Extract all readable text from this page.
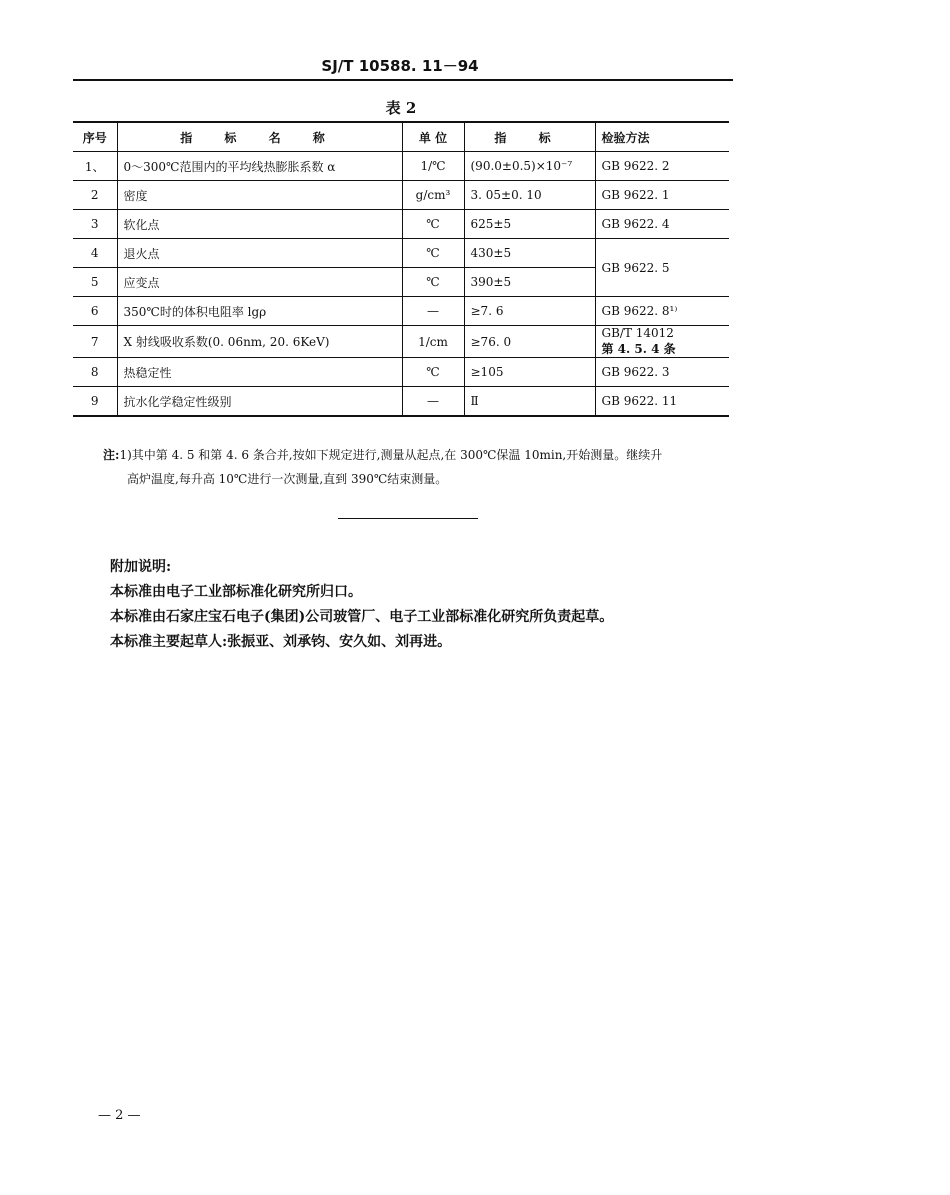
SJ/T 10588. 11－94
表 2
序号	指 标 名 称	单 位	指 标	检验方法
1、	0～300℃范围内的平均线热膨胀系数 α	1/℃	(90.0±0.5)×10⁻⁷	GB 9622. 2
2	密度	g/cm³	3. 05±0. 10	GB 9622. 1
3	软化点	℃	625±5	GB 9622. 4
4	退火点	℃	430±5	GB 9622. 5
5	应变点	℃	390±5	
6	350℃时的体积电阻率 lgρ	—	≥7. 6	GB 9622. 8¹⁾
7	X 射线吸收系数(0. 06nm, 20. 6KeV)	1/cm	≥76. 0	GB/T 14012
第 4. 5. 4 条

8	热稳定性	℃	≥105	GB 9622. 3
9	抗水化学稳定性级别	—	Ⅱ	GB 9622. 11
注:1)其中第 4. 5 和第 4. 6 条合并,按如下规定进行,测量从起点,在 300℃保温 10min,开始测量。继续升
高炉温度,每升高 10℃进行一次测量,直到 390℃结束测量。
附加说明:
本标准由电子工业部标准化研究所归口。
本标准由石家庄宝石电子(集团)公司玻管厂、电子工业部标准化研究所负责起草。
本标准主要起草人:张振亚、刘承钧、安久如、刘再进。
— 2 —
